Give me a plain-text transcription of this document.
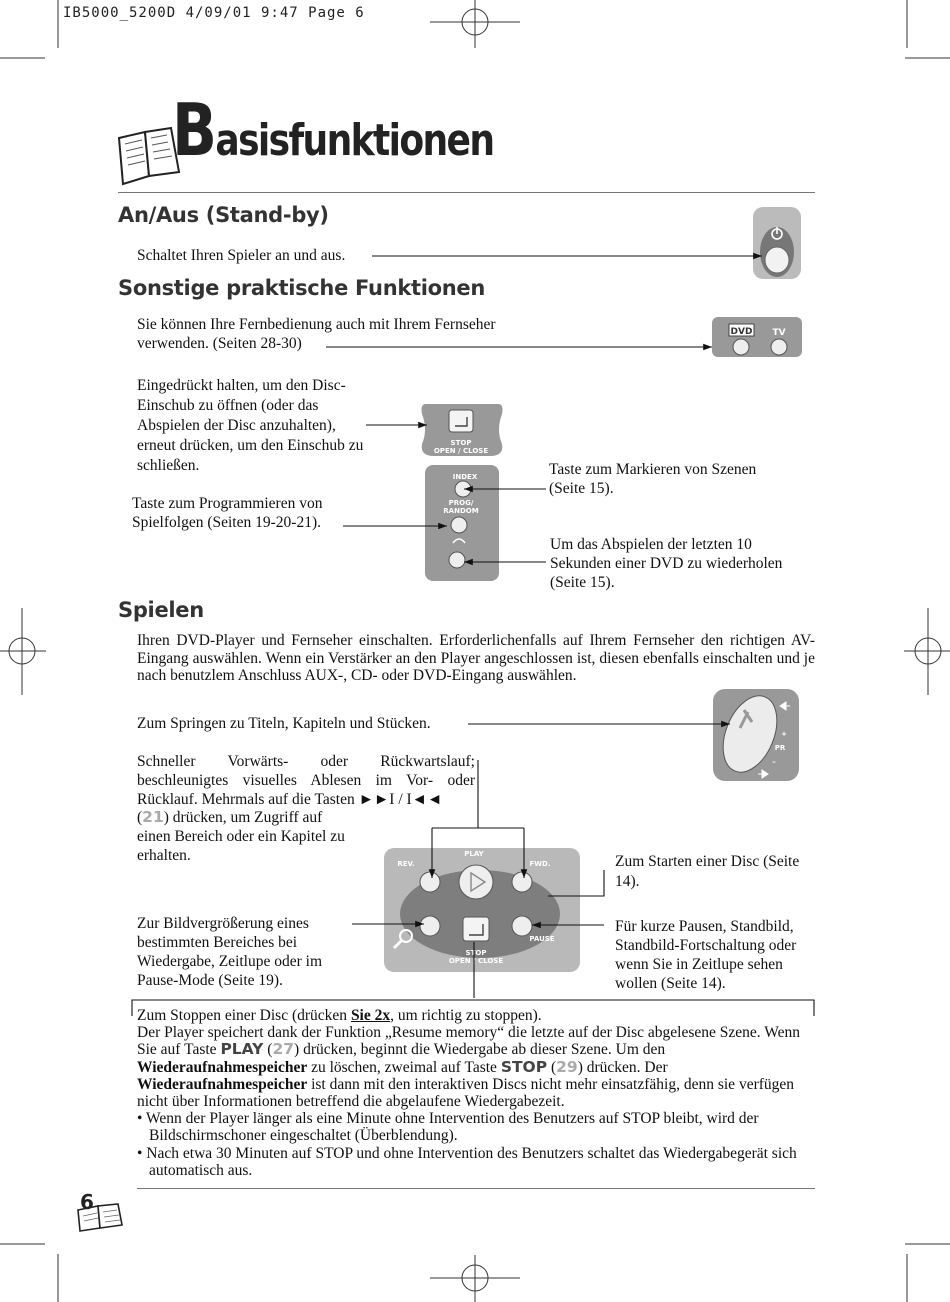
IB5000_5200D 4/09/01 9:47 Page 6
Basisfunktionen
An/Aus (Stand-by)
Schaltet Ihren Spieler an und aus.
Sonstige praktische Funktionen
Sie können Ihre Fernbedienung auch mit Ihrem Fernseher verwenden. (Seiten 28-30)
DVD TV
Eingedrückt halten, um den Disc-Einschub zu öffnen (oder das Abspielen der Disc anzuhalten), erneut drücken, um den Einschub zu schließen.
Taste zum Programmieren von Spielfolgen (Seiten 19-20-21).
Taste zum Markieren von Szenen (Seite 15).
Um das Abspielen der letzten 10 Sekunden einer DVD zu wiederholen (Seite 15).
STOP
OPEN / CLOSE
INDEX
PROG/
RANDOM
Spielen
Ihren DVD-Player und Fernseher einschalten. Erforderlichenfalls auf Ihrem Fernseher den richtigen AV-Eingang auswählen. Wenn ein Verstärker an den Player angeschlossen ist, diesen ebenfalls einschalten und je nach benutzlem Anschluss AUX-, CD- oder DVD-Eingang auswählen.
Zum Springen zu Titeln, Kapiteln und Stücken.
+
PR
–
Schneller Vorwärts- oder Rückwartslauf; beschleunigtes visuelles Ablesen im Vor- oder Rücklauf. Mehrmals auf die Tasten ►►I / I◄◄
(21) drücken, um Zugriff auf einen Bereich oder ein Kapitel zu erhalten.	Zum Starten einer Disc (Seite 14).
Zur Bildvergrößerung eines bestimmten Bereiches bei Wiedergabe, Zeitlupe oder im Pause-Mode (Seite 19).
Für kurze Pausen, Standbild, Standbild-Fortschaltung oder wenn Sie in Zeitlupe sehen wollen (Seite 14).
PLAY
REV.	FWD.
PAUSE
STOP
OPEN / CLOSE
Zum Stoppen einer Disc (drücken Sie 2x, um richtig zu stoppen).
Der Player speichert dank der Funktion „Resume memory“ die letzte auf der Disc abgelesene Szene. Wenn Sie auf Taste PLAY (27) drücken, beginnt die Wiedergabe ab dieser Szene. Um den Wiederaufnahmespeicher zu löschen, zweimal auf Taste STOP (29) drücken. Der Wiederaufnahmespeicher ist dann mit den interaktiven Discs nicht mehr einsatzfähig, denn sie verfügen nicht über Informationen betreffend die abgelaufene Wiedergabezeit.
• Wenn der Player länger als eine Minute ohne Intervention des Benutzers auf STOP bleibt, wird der Bildschirmschoner eingeschaltet (Überblendung).
• Nach etwa 30 Minuten auf STOP und ohne Intervention des Benutzers schaltet das Wiedergabegerät sich automatisch aus.
6
